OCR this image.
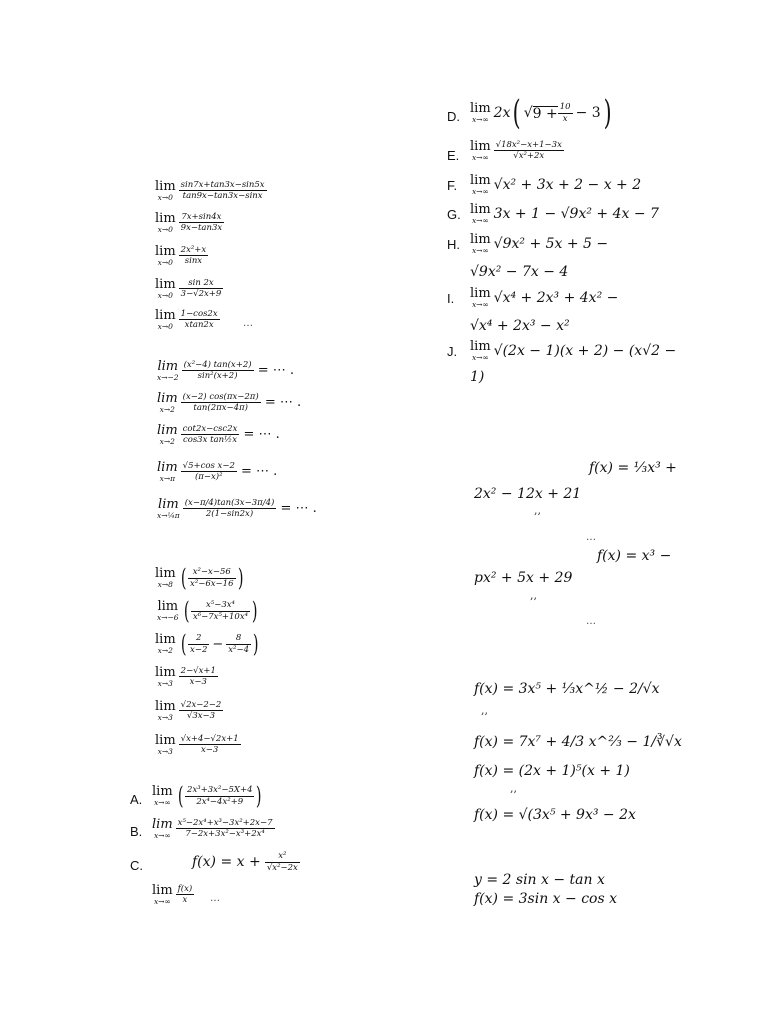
lim
$x\to 0 \frac{\sin 7x+\tan 3x-\sin 5x}{\tan 9x-\tan 3x-\sin x}$
lim
$x\to 0 \frac{7x+\sin 4x}{9x-\tan 3x}$
lim
$x\to 0 \frac{\text{2x²+x}}{\sin x}$
lim
$x\to 0 \frac{\sin 2x}{3-√2x+9}$
lim
$x\to 0 \frac{1-\cos 2x}{xtan2x}$ …
lim
$x\to-2 \frac{\text{(x²−4) tan(x+2)}}{\text{sin²(x+2)}}$ = ⋯ .
lim
$x\to 2 \frac{(x-2) \cos(\pi x-2\pi)}{\tan(2\pi x-4\pi)}$ = ⋯ .
lim
x→2
cot2x−csc2x
cos3x tan½x = ⋯ .
lim
$x\to\pi \frac{\text{√5+cos x−2}}{\text{(π−x)²}}$ = ⋯ .
lim
x→¼π $\frac{(x-\pi/4)\tan(3x-3\pi/4)}{2(1-\sin 2x)}$ = ⋯ .
lim
x→8 ( $\frac{\text{x²−x−56}}{\text{x²−6x−16}}$ )
lim
x→−6 ( $\frac{\text{x⁵−3x⁴}}{\text{x⁶−7x⁵+10x⁴}}$ )
lim
x→2 ( $\frac{2}{x-2} - \frac{8}{\text{x²−4}}$ )
lim
$x\to 3 \frac{2-√x+1}{x-3}$
lim
$x\to 3 \frac{√2x-2-2}{√3x-3}$
lim
$x\to 3 \frac{√x+4-√2x+1}{x-3}$
A.
lim
x→∞ ( $\frac{\text{2x³+3x²−5X+4}}{\text{2x⁴−4x²+9}}$ )
B. lim
$x\to\infty \frac{\text{x⁵−2x⁴+x³−3x²+2x−7}}{\text{7−2x+3x²−x³+2x⁴}}$
C.	$f(x) = x + \frac{\text{x²}}{\text{√x²−2x}}$
lim
$x\to\infty \frac{f(x)}{x}$ …
D.
lim
x→∞ 2x( $√9 + \frac{10}{x} - 3$)
E.
lim
$x\to\infty \frac{\text{√18x²−x+1−3x}}{\text{√x²+2x}}$
F. lim
x→∞ √x² + 3x + 2 − x + 2
G. lim
x→∞ 3x + 1 − √9x² + 4x − 7
H. lim
x→∞ √9x² + 5x + 5 −
√9x² − 7x − 4
I. lim
x→∞ √x⁴ + 2x³ + 4x² −
√x⁴ + 2x³ − x²
J. lim
x→∞ √(2x − 1)(x + 2) − (x√2 −
1)
f(x) = ⅓x³ +
2x² − 12x + 21
,,
…
f(x) = x³ −
px² + 5x + 29
,,
…
f(x) = 3x⁵ + ⅓x^½ − 2/√x
,,
f(x) = 7x⁷ + 4/3 x^⅔ − 1/∛√x
f(x) = (2x + 1)⁵(x + 1)
,,
f(x) = √(3x⁵ + 9x³ − 2x
y = 2 sin x − tan x
f(x) = 3sin x − cos x
